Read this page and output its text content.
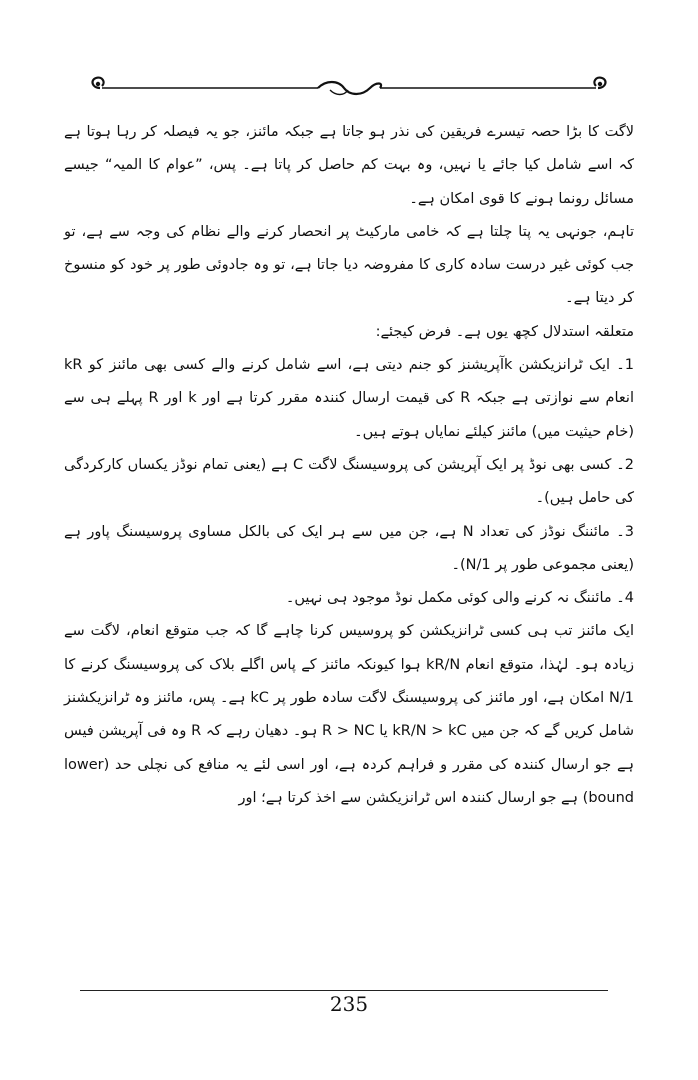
لاگت کا بڑا حصہ تیسرے فریقین کی نذر ہو جاتا ہے جبکہ مائنز، جو یہ فیصلہ کر رہا ہوتا ہے کہ اسے شامل کیا جائے یا نہیں، وہ بہت کم حاصل کر پاتا ہے۔ پس، ”عوام کا المیہ“ جیسے مسائل رونما ہونے کا قوی امکان ہے۔

تاہم، جونہی یہ پتا چلتا ہے کہ خامی مارکیٹ پر انحصار کرنے والے نظام کی وجہ سے ہے، تو جب کوئی غیر درست سادہ کاری کا مفروضہ دیا جاتا ہے، تو وہ جادوئی طور پر خود کو منسوخ کر دیتا ہے۔

متعلقہ استدلال کچھ یوں ہے۔ فرض کیجئے:

1۔ ایک ٹرانزیکشن kآپریشنز کو جنم دیتی ہے، اسے شامل کرنے والے کسی بھی مائنز کو kR انعام سے نوازتی ہے جبکہ R کی قیمت ارسال کنندہ مقرر کرتا ہے اور k اور R پہلے ہی سے (خام حیثیت میں) مائنز کیلئے نمایاں ہوتے ہیں۔

2۔ کسی بھی نوڈ پر ایک آپریشن کی پروسیسنگ لاگت C ہے (یعنی تمام نوڈز یکساں کارکردگی کی حامل ہیں)۔

3۔ مائننگ نوڈز کی تعداد N ہے، جن میں سے ہر ایک کی بالکل مساوی پروسیسنگ پاور ہے (یعنی مجموعی طور پر 1/N)۔

4۔ مائننگ نہ کرنے والی کوئی مکمل نوڈ موجود ہی نہیں۔

ایک مائنز تب ہی کسی ٹرانزیکشن کو پروسیس کرنا چاہے گا کہ جب متوقع انعام، لاگت سے زیادہ ہو۔ لہٰذا، متوقع انعام kR/N ہوا کیونکہ مائنز کے پاس اگلے بلاک کی پروسیسنگ کرنے کا 1/N امکان ہے، اور مائنز کی پروسیسنگ لاگت سادہ طور پر kC ہے۔ پس، مائنز وہ ٹرانزیکشنز شامل کریں گے کہ جن میں kR/N > kC یا R > NC ہو۔ دھیان رہے کہ R وہ فی آپریشن فیس ہے جو ارسال کنندہ کی مقرر و فراہم کردہ ہے، اور اسی لئے یہ منافع کی نچلی حد (lower bound) ہے جو ارسال کنندہ اس ٹرانزیکشن سے اخذ کرتا ہے؛ اور

235
